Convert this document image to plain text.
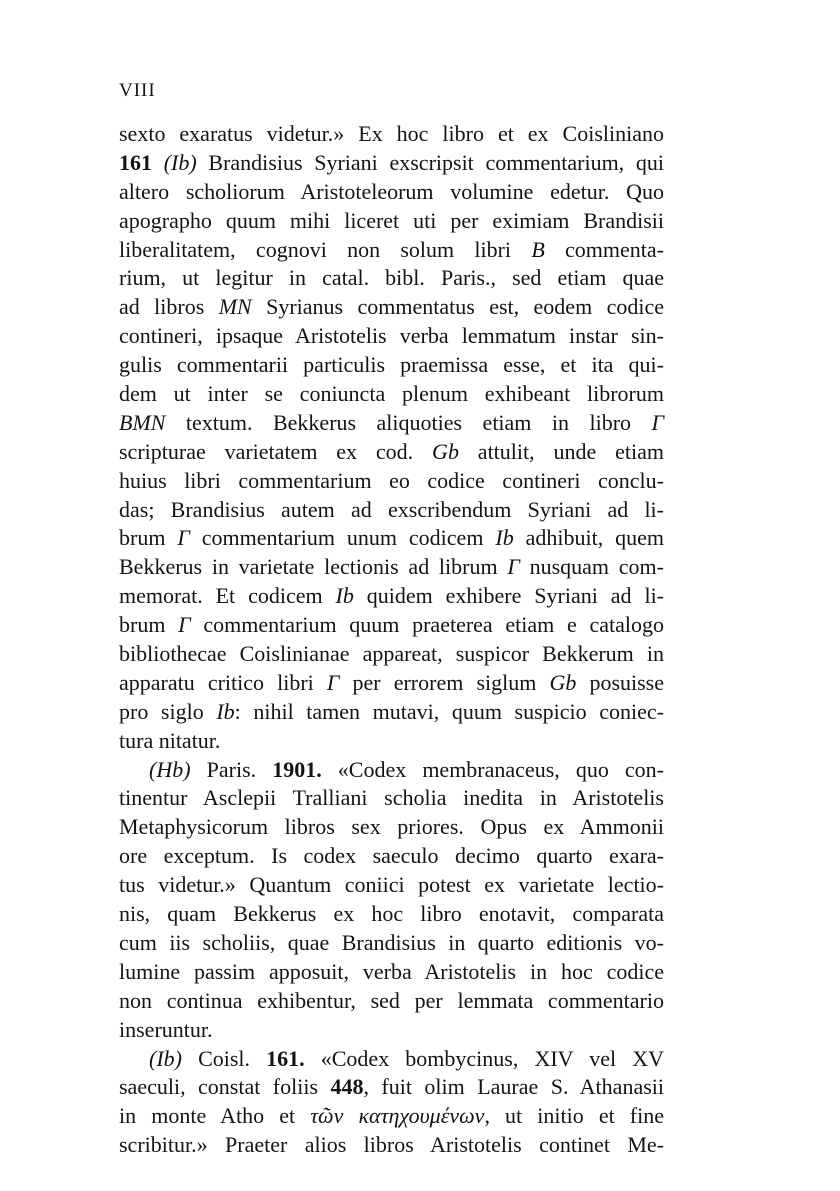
VIII
sexto exaratus videtur.» Ex hoc libro et ex Coisliniano
161 (Ib) Brandisius Syriani exscripsit commentarium, qui
altero scholiorum Aristoteleorum volumine edetur. Quo
apographo quum mihi liceret uti per eximiam Brandisii
liberalitatem, cognovi non solum libri B commenta-
rium, ut legitur in catal. bibl. Paris., sed etiam quae
ad libros MN Syrianus commentatus est, eodem codice
contineri, ipsaque Aristotelis verba lemmatum instar sin-
gulis commentarii particulis praemissa esse, et ita qui-
dem ut inter se coniuncta plenum exhibeant librorum
BMN textum. Bekkerus aliquoties etiam in libro Γ
scripturae varietatem ex cod. Gb attulit, unde etiam
huius libri commentarium eo codice contineri conclu-
das; Brandisius autem ad exscribendum Syriani ad li-
brum Γ commentarium unum codicem Ib adhibuit, quem
Bekkerus in varietate lectionis ad librum Γ nusquam com-
memorat. Et codicem Ib quidem exhibere Syriani ad li-
brum Γ commentarium quum praeterea etiam e catalogo
bibliothecae Coislinianae appareat, suspicor Bekkerum in
apparatu critico libri Γ per errorem siglum Gb posuisse
pro siglo Ib: nihil tamen mutavi, quum suspicio coniec-
tura nitatur.
(Hb) Paris. 1901. «Codex membranaceus, quo con-
tinentur Asclepii Tralliani scholia inedita in Aristotelis
Metaphysicorum libros sex priores. Opus ex Ammonii
ore exceptum. Is codex saeculo decimo quarto exara-
tus videtur.» Quantum coniici potest ex varietate lectio-
nis, quam Bekkerus ex hoc libro enotavit, comparata
cum iis scholiis, quae Brandisius in quarto editionis vo-
lumine passim apposuit, verba Aristotelis in hoc codice
non continua exhibentur, sed per lemmata commentario
inseruntur.
(Ib) Coisl. 161. «Codex bombycinus, XIV vel XV
saeculi, constat foliis 448, fuit olim Laurae S. Athanasii
in monte Atho et τῶν κατηχουμένων, ut initio et fine
scribitur.» Praeter alios libros Aristotelis continet Me-
